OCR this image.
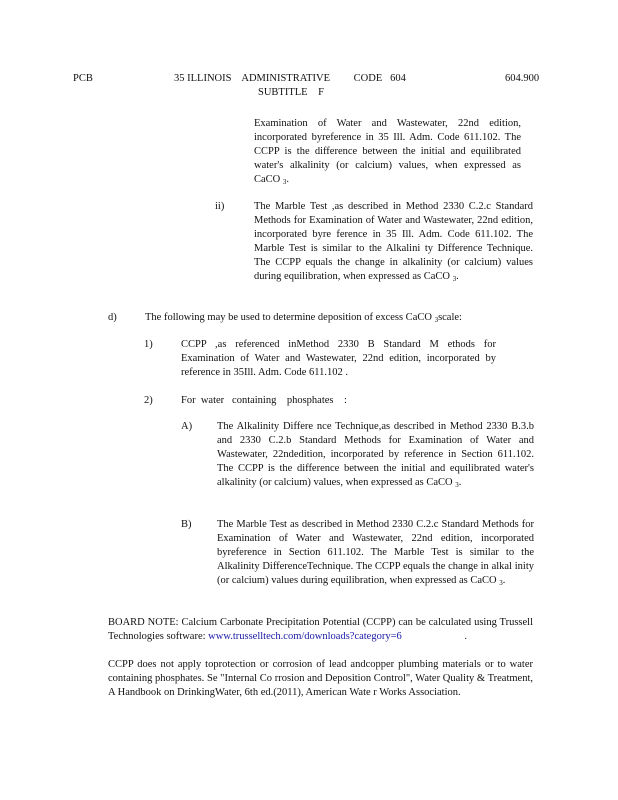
PCB	35 ILLINOIS    ADMINISTRATIVE         CODE   604
SUBTITLE    F
604.900
Examination of Water and Wastewater, 22nd edition, incorporated byreference in 35 Ill. Adm. Code 611.102. The CCPP is the difference between the initial and equilibrated water's alkalinity (or calcium) values, when expressed as CaCO $_3$.
ii)	The Marble Test ,as described in Method 2330 C.2.c Standard Methods for Examination of Water and Wastewater, 22nd edition, incorporated byre ference in 35 Ill. Adm. Code 611.102. The Marble Test is similar to the Alkalini ty Difference Technique. The CCPP equals the change in alkalinity (or calcium) values during equilibration, when expressed as CaCO $_3$.
d)	The following may be used to determine deposition of excess CaCO $_3$scale:
1)	CCPP ,as referenced inMethod 2330 B Standard M ethods for Examination of Water and Wastewater, 22nd edition, incorporated by reference in 35Ill. Adm. Code 611.102 .
2)	For  water   containing    phosphates    :
A) The Alkalinity Differe nce Technique,as described in Method 2330 B.3.b and 2330 C.2.b Standard Methods for Examination of Water and Wastewater, 22ndedition, incorporated by reference in Section 611.102. The CCPP is the difference between the initial and equilibrated water's alkalinity (or calcium) values, when expressed as CaCO $_3$.
B) The Marble Test as described in Method 2330 C.2.c Standard Methods for Examination of Water and Wastewater, 22nd edition, incorporated byreference in Section 611.102. The Marble Test is similar to the Alkalinity DifferenceTechnique. The CCPP equals the change in alkal inity (or calcium) values during equilibration, when expressed as CaCO $_3$.
BOARD NOTE: Calcium Carbonate Precipitation Potential (CCPP) can be calculated using Trussell Technologies software: www.trusselltech.com/downloads?category=6	.
CCPP does not apply toprotection or corrosion of lead andcopper plumbing materials or to water containing phosphates. Se "Internal Co rrosion and Deposition Control", Water Quality & Treatment, A Handbook on DrinkingWater, 6th ed.(2011), American Wate r Works Association.
